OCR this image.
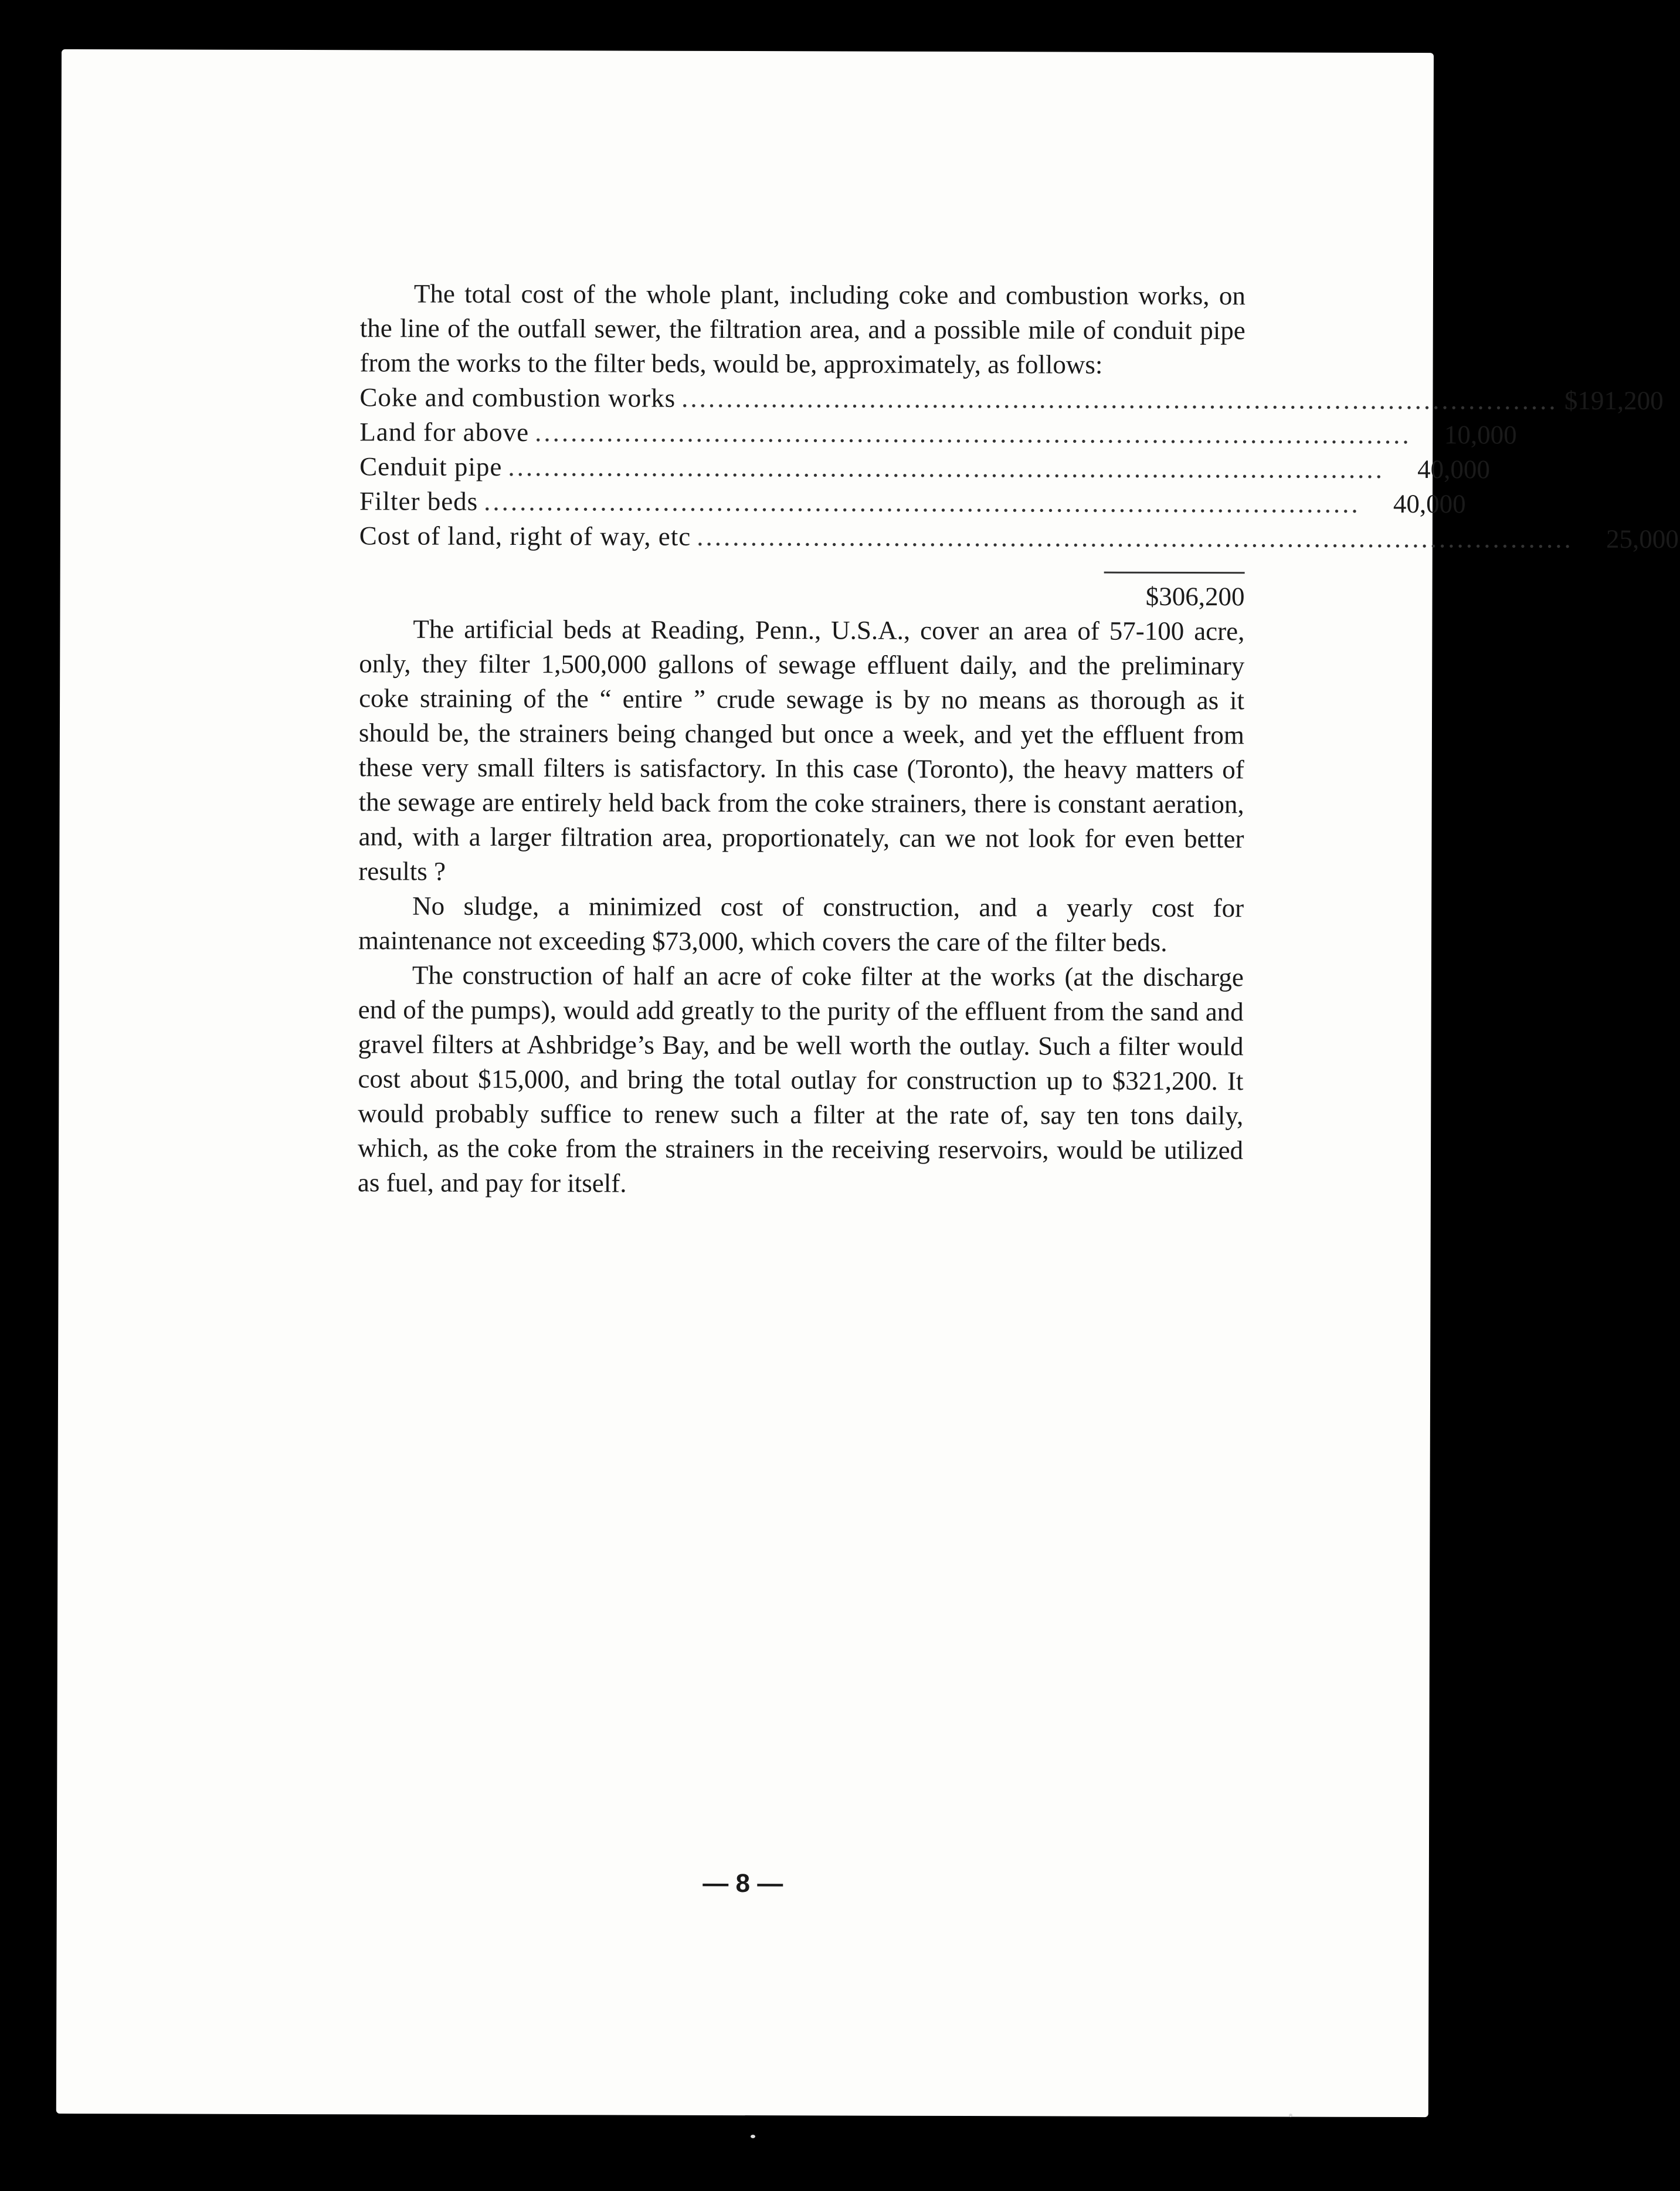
The total cost of the whole plant, including coke and combustion works, on the line of the outfall sewer, the filtration area, and a possible mile of conduit pipe from the works to the filter beds, would be, approximately, as follows:

Coke and combustion works .................................................................................................. $191,200
Land for above ..................................................................................................	10,000
Cenduit pipe ..................................................................................................	40,000
Filter beds ..................................................................................................	40,000
Cost of land, right of way, etc ..................................................................................................	25,000
$306,200

The artificial beds at Reading, Penn., U.S.A., cover an area of 57-100 acre, only, they filter 1,500,000 gallons of sewage effluent daily, and the preliminary coke straining of the “ entire ” crude sewage is by no means as thorough as it should be, the strainers being changed but once a week, and yet the effluent from these very small filters is satisfactory. In this case (Toronto), the heavy matters of the sewage are entirely held back from the coke strainers, there is constant aeration, and, with a larger filtration area, proportionately, can we not look for even better results ?

No sludge, a minimized cost of construction, and a yearly cost for maintenance not exceeding $73,000, which covers the care of the filter beds.

The construction of half an acre of coke filter at the works (at the discharge end of the pumps), would add greatly to the purity of the effluent from the sand and gravel filters at Ashbridge’s Bay, and be well worth the outlay. Such a filter would cost about $15,000, and bring the total outlay for construction up to $321,200. It would probably suffice to renew such a filter at the rate of, say ten tons daily, which, as the coke from the strainers in the receiving reservoirs, would be utilized as fuel, and pay for itself.

— 8 —
